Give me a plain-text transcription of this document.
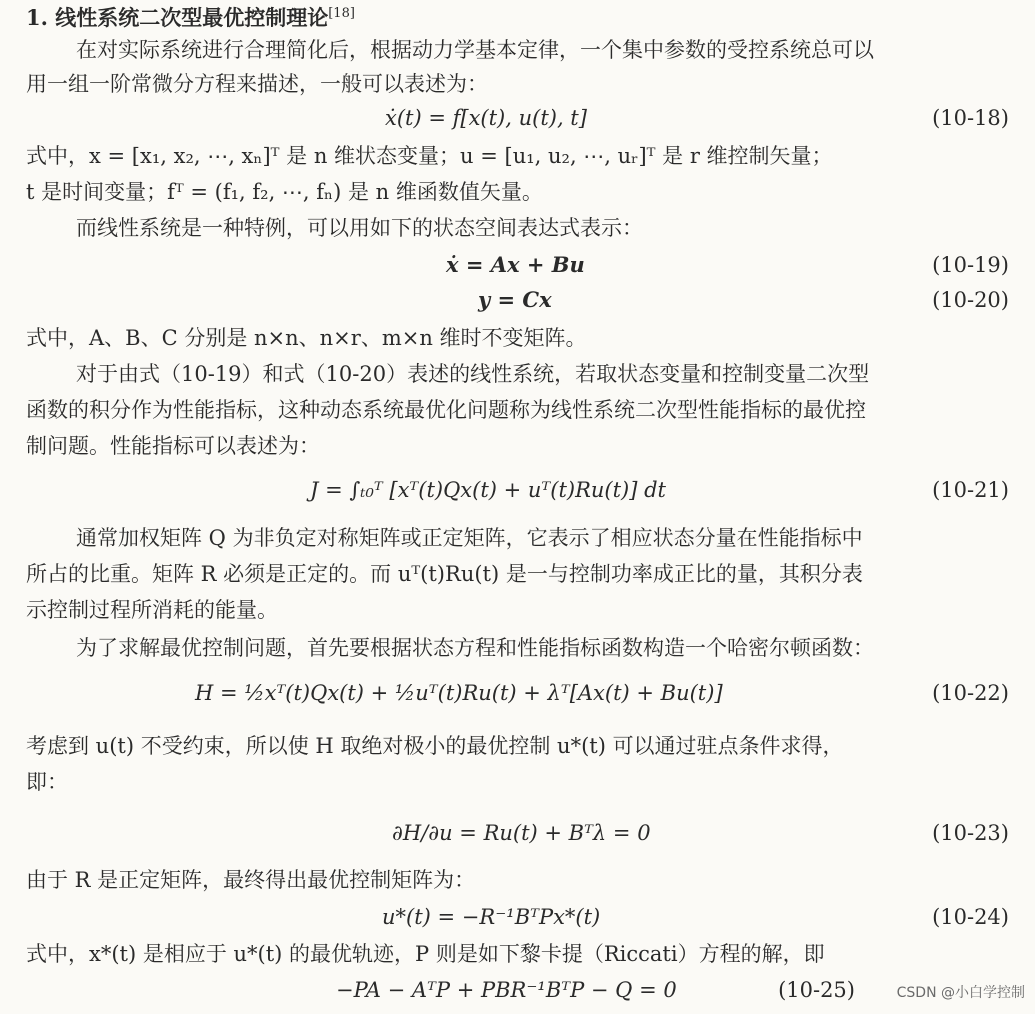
1. 线性系统二次型最优控制理论[18]
在对实际系统进行合理简化后，根据动力学基本定律，一个集中参数的受控系统总可以
用一组一阶常微分方程来描述，一般可以表述为：
ẋ(t) = f[x(t), u(t), t]	(10-18)
式中，x = [x₁, x₂, ⋯, xₙ]ᵀ 是 n 维状态变量；u = [u₁, u₂, ⋯, uᵣ]ᵀ 是 r 维控制矢量；
t 是时间变量；fᵀ = (f₁, f₂, ⋯, fₙ) 是 n 维函数值矢量。
而线性系统是一种特例，可以用如下的状态空间表达式表示：
ẋ = Ax + Bu	(10-19)
y = Cx	(10-20)
式中，A、B、C 分别是 n×n、n×r、m×n 维时不变矩阵。
对于由式（10-19）和式（10-20）表述的线性系统，若取状态变量和控制变量二次型
函数的积分作为性能指标，这种动态系统最优化问题称为线性系统二次型性能指标的最优控
制问题。性能指标可以表述为：
J = ∫ₜ₀ᵀ [xᵀ(t)Qx(t) + uᵀ(t)Ru(t)] dt	(10-21)
通常加权矩阵 Q 为非负定对称矩阵或正定矩阵，它表示了相应状态分量在性能指标中
所占的比重。矩阵 R 必须是正定的。而 uᵀ(t)Ru(t) 是一与控制功率成正比的量，其积分表
示控制过程所消耗的能量。
为了求解最优控制问题，首先要根据状态方程和性能指标函数构造一个哈密尔顿函数：
H = ½xᵀ(t)Qx(t) + ½uᵀ(t)Ru(t) + λᵀ[Ax(t) + Bu(t)]	(10-22)
考虑到 u(t) 不受约束，所以使 H 取绝对极小的最优控制 u*(t) 可以通过驻点条件求得，
即：
∂H/∂u = Ru(t) + Bᵀλ = 0	(10-23)
由于 R 是正定矩阵，最终得出最优控制矩阵为：
u*(t) = −R⁻¹BᵀPx*(t)	(10-24)
式中，x*(t) 是相应于 u*(t) 的最优轨迹，P 则是如下黎卡提（Riccati）方程的解，即
−PA − AᵀP + PBR⁻¹BᵀP − Q = 0	(10-25)	CSDN @小白学控制
